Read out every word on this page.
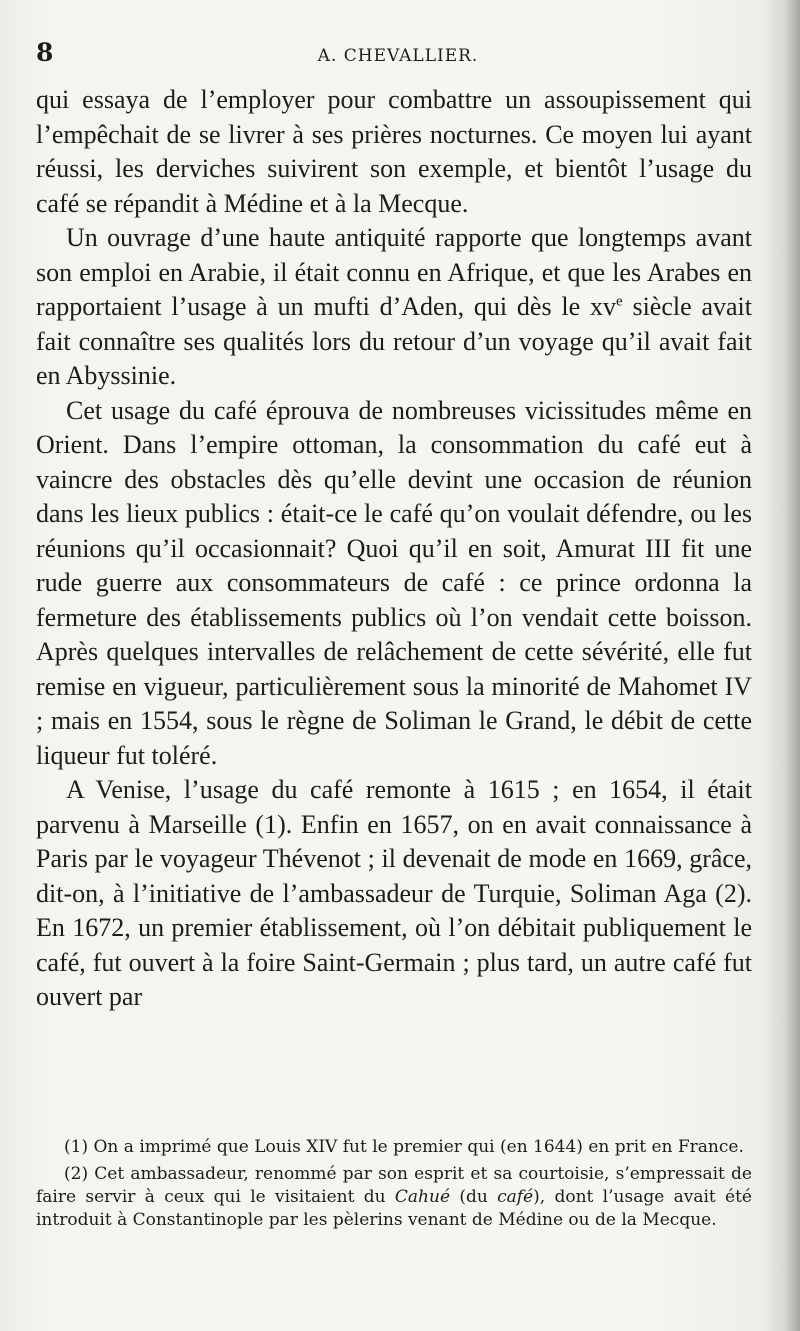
8	A. CHEVALLIER.

qui essaya de l’employer pour combattre un assoupissement qui l’empêchait de se livrer à ses prières nocturnes. Ce moyen lui ayant réussi, les derviches suivirent son exemple, et bientôt l’usage du café se répandit à Médine et à la Mecque.

Un ouvrage d’une haute antiquité rapporte que longtemps avant son emploi en Arabie, il était connu en Afrique, et que les Arabes en rapportaient l’usage à un mufti d’Aden, qui dès le $xv^e$ siècle avait fait connaître ses qualités lors du retour d’un voyage qu’il avait fait en Abyssinie.

Cet usage du café éprouva de nombreuses vicissitudes même en Orient. Dans l’empire ottoman, la consommation du café eut à vaincre des obstacles dès qu’elle devint une occasion de réunion dans les lieux publics : était-ce le café qu’on voulait défendre, ou les réunions qu’il occasionnait? Quoi qu’il en soit, Amurat III fit une rude guerre aux consommateurs de café : ce prince ordonna la fermeture des établissements publics où l’on vendait cette boisson. Après quelques intervalles de relâchement de cette sévérité, elle fut remise en vigueur, particulièrement sous la minorité de Mahomet IV ; mais en 1554, sous le règne de Soliman le Grand, le débit de cette liqueur fut toléré.

A Venise, l’usage du café remonte à 1615 ; en 1654, il était parvenu à Marseille (1). Enfin en 1657, on en avait connaissance à Paris par le voyageur Thévenot ; il devenait de mode en 1669, grâce, dit-on, à l’initiative de l’ambassadeur de Turquie, Soliman Aga (2). En 1672, un premier établissement, où l’on débitait publiquement le café, fut ouvert à la foire Saint-Germain ; plus tard, un autre café fut ouvert par

(1) On a imprimé que Louis XIV fut le premier qui (en 1644) en prit en France.

(2) Cet ambassadeur, renommé par son esprit et sa courtoisie, s’empressait de faire servir à ceux qui le visitaient du Cahué (du café), dont l’usage avait été introduit à Constantinople par les pèlerins venant de Médine ou de la Mecque.
